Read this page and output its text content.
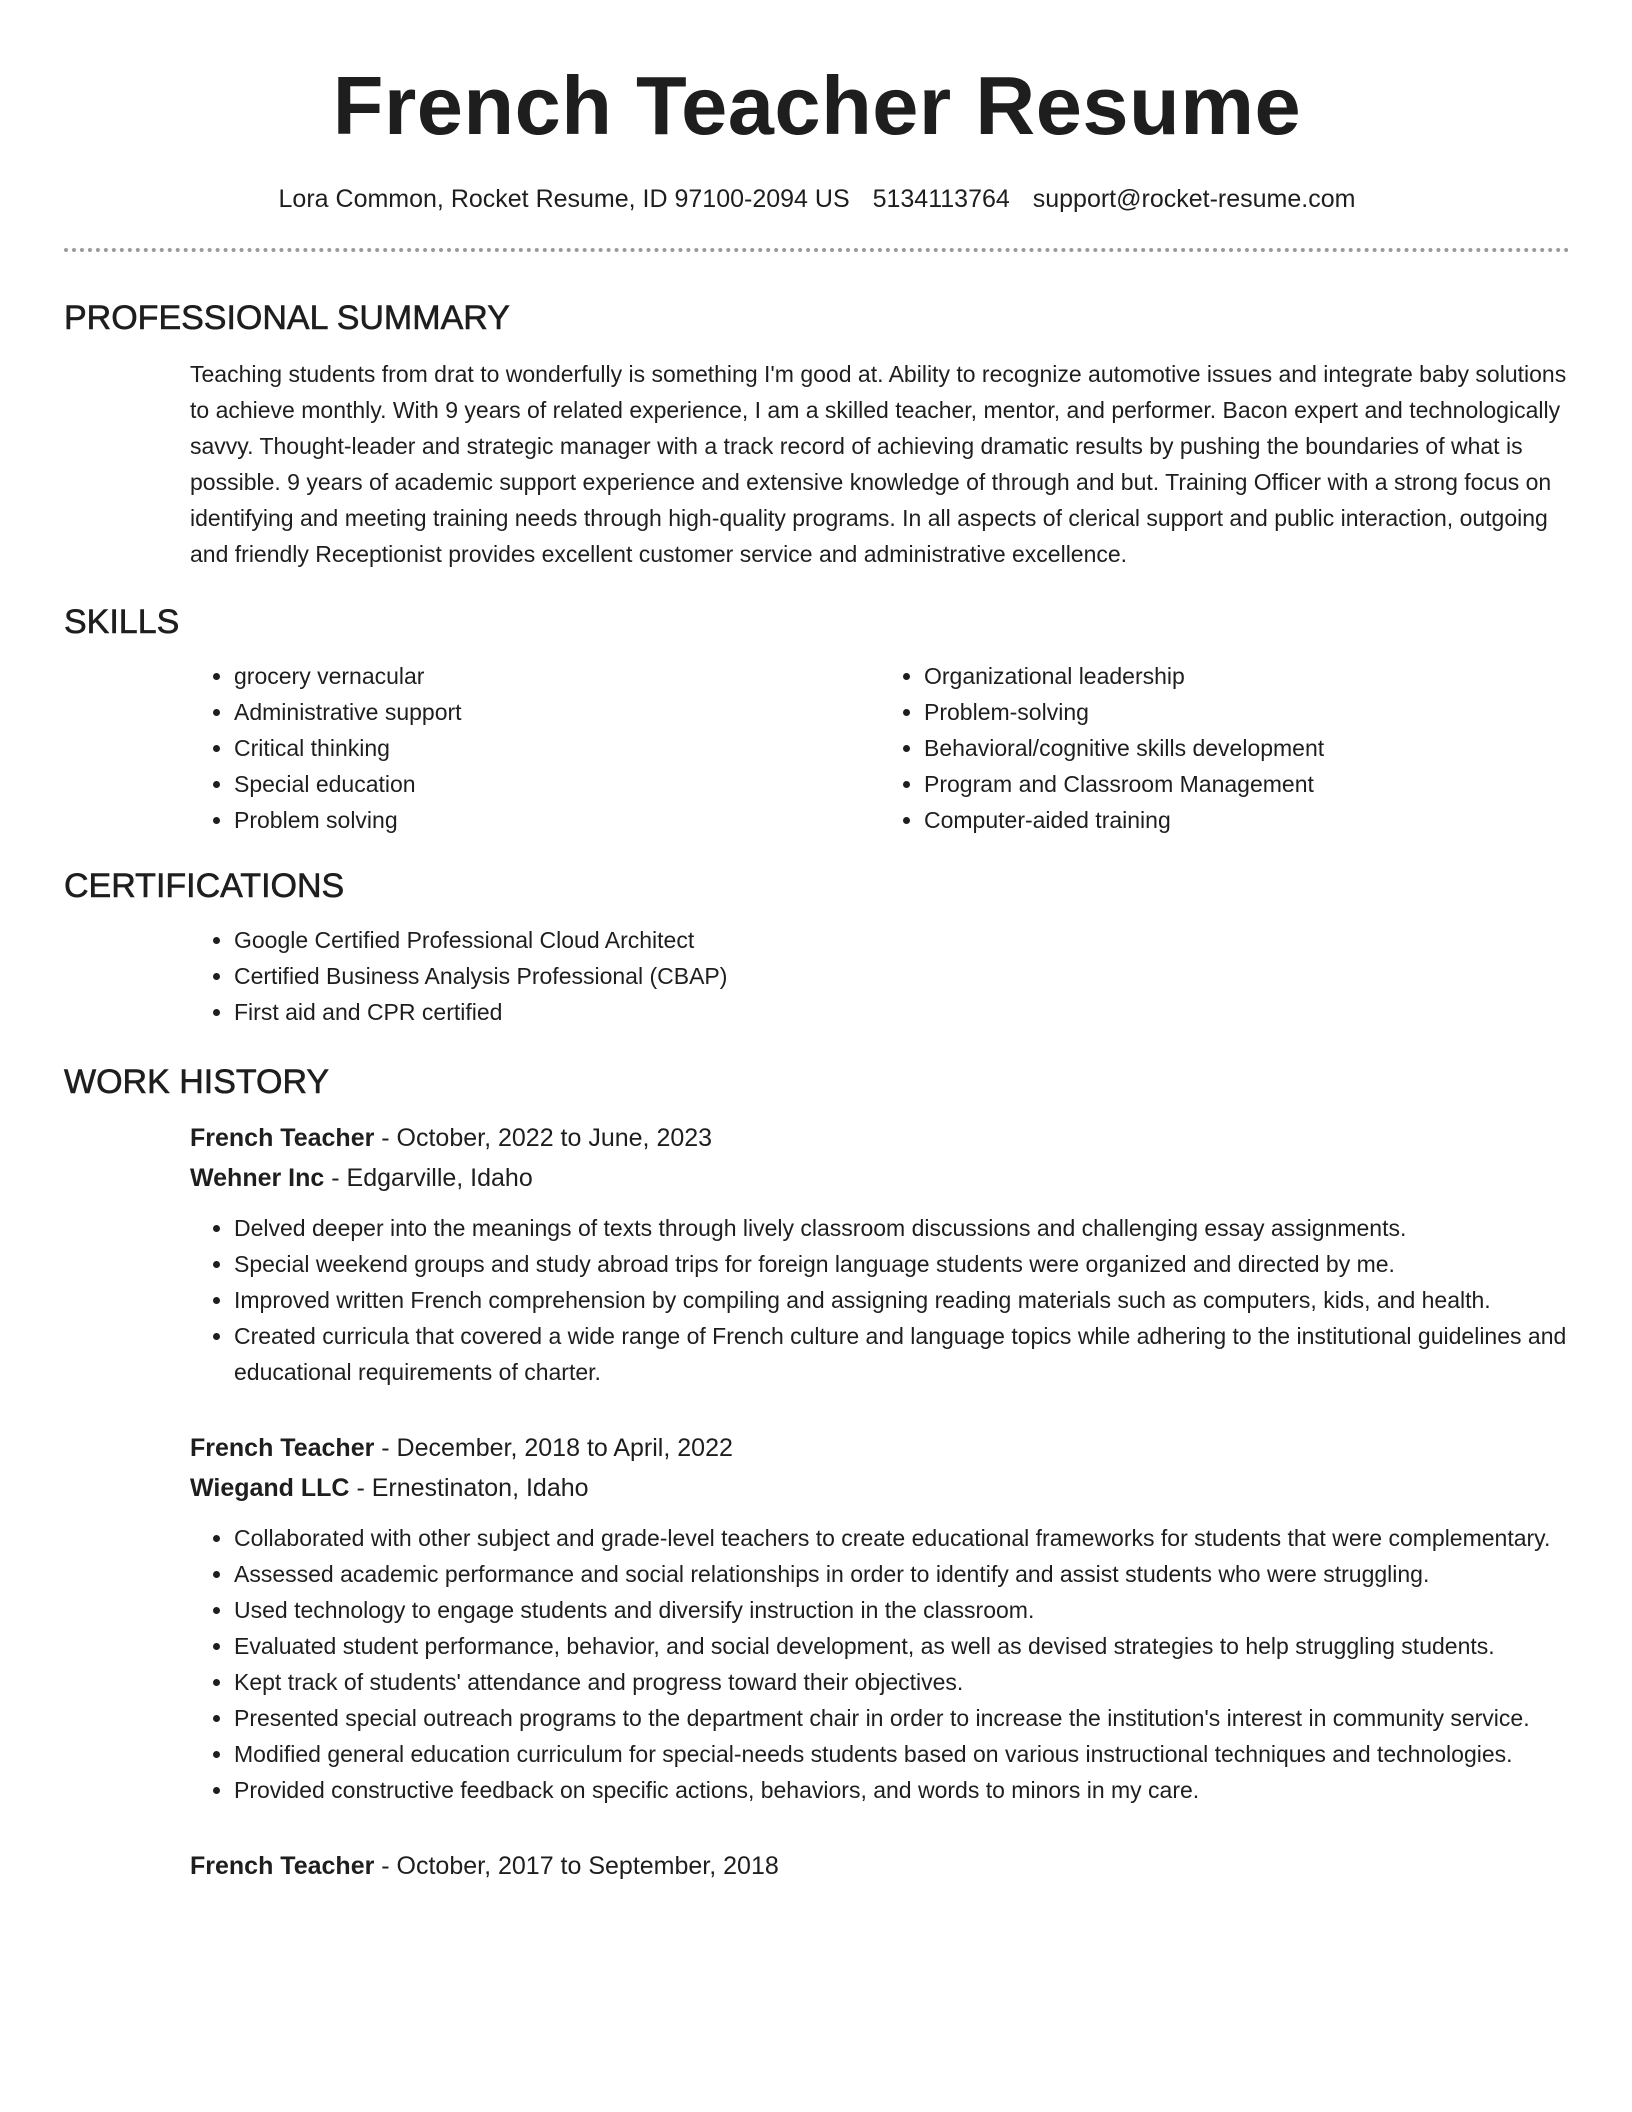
French Teacher Resume
Lora Common, Rocket Resume, ID 97100-2094 US 5134113764 support@rocket-resume.com
PROFESSIONAL SUMMARY
Teaching students from drat to wonderfully is something I'm good at. Ability to recognize automotive issues and integrate baby solutions to achieve monthly. With 9 years of related experience, I am a skilled teacher, mentor, and performer. Bacon expert and technologically savvy. Thought-leader and strategic manager with a track record of achieving dramatic results by pushing the boundaries of what is possible. 9 years of academic support experience and extensive knowledge of through and but. Training Officer with a strong focus on identifying and meeting training needs through high-quality programs. In all aspects of clerical support and public interaction, outgoing and friendly Receptionist provides excellent customer service and administrative excellence.
SKILLS
• grocery vernacular
• Administrative support
• Critical thinking
• Special education
• Problem solving
• Organizational leadership
• Problem-solving
• Behavioral/cognitive skills development
• Program and Classroom Management
• Computer-aided training
CERTIFICATIONS
• Google Certified Professional Cloud Architect
• Certified Business Analysis Professional (CBAP)
• First aid and CPR certified
WORK HISTORY
French Teacher - October, 2022 to June, 2023
Wehner Inc - Edgarville, Idaho
• Delved deeper into the meanings of texts through lively classroom discussions and challenging essay assignments.
• Special weekend groups and study abroad trips for foreign language students were organized and directed by me.
• Improved written French comprehension by compiling and assigning reading materials such as computers, kids, and health.
• Created curricula that covered a wide range of French culture and language topics while adhering to the institutional guidelines and educational requirements of charter.
French Teacher - December, 2018 to April, 2022
Wiegand LLC - Ernestinaton, Idaho
• Collaborated with other subject and grade-level teachers to create educational frameworks for students that were complementary.
• Assessed academic performance and social relationships in order to identify and assist students who were struggling.
• Used technology to engage students and diversify instruction in the classroom.
• Evaluated student performance, behavior, and social development, as well as devised strategies to help struggling students.
• Kept track of students' attendance and progress toward their objectives.
• Presented special outreach programs to the department chair in order to increase the institution's interest in community service.
• Modified general education curriculum for special-needs students based on various instructional techniques and technologies.
• Provided constructive feedback on specific actions, behaviors, and words to minors in my care.
French Teacher - October, 2017 to September, 2018
